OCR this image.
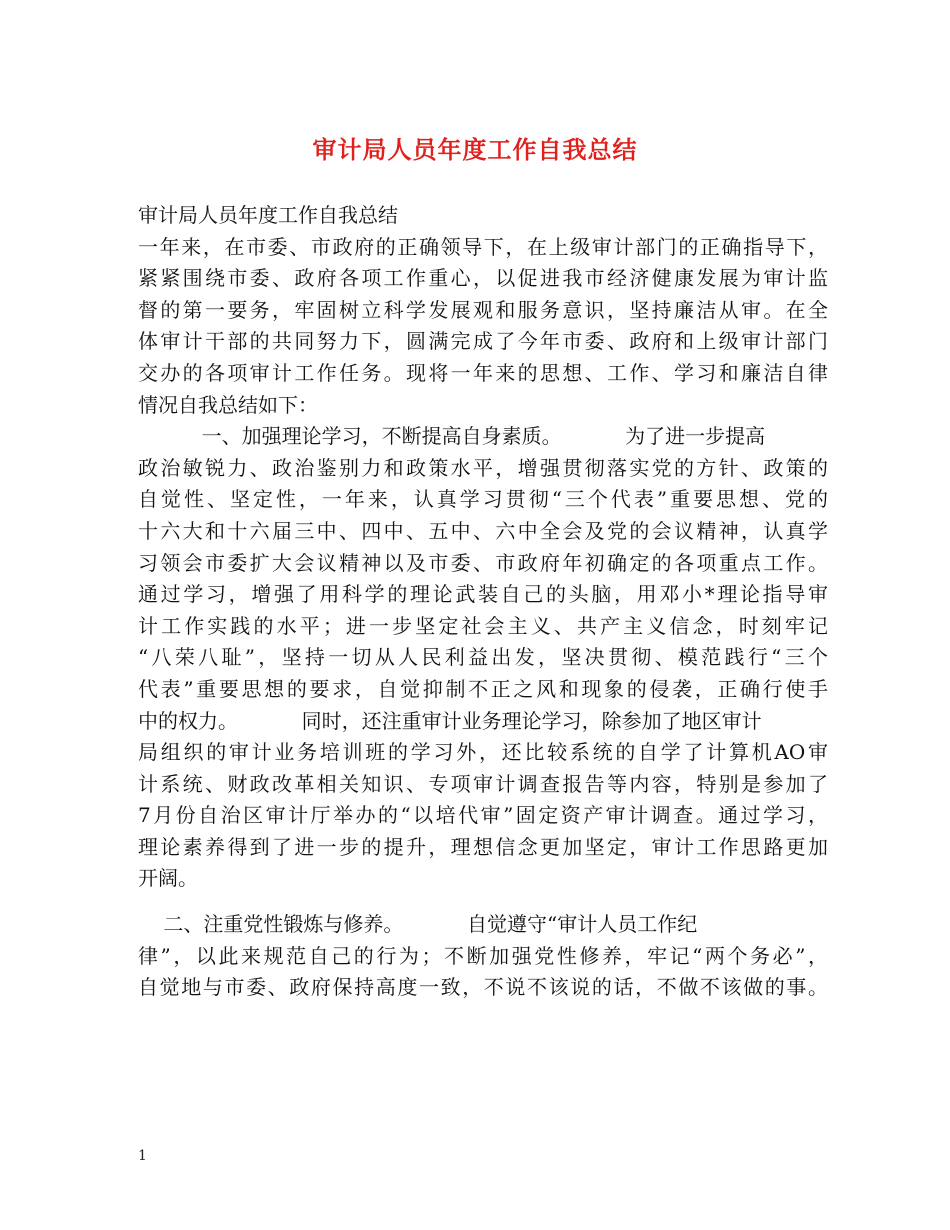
审计局人员年度工作自我总结
审计局人员年度工作自我总结
一年来，在市委、市政府的正确领导下，在上级审计部门的正确指导下，
紧紧围绕市委、政府各项工作重心，以促进我市经济健康发展为审计监
督的第一要务，牢固树立科学发展观和服务意识，坚持廉洁从审。在全
体审计干部的共同努力下，圆满完成了今年市委、政府和上级审计部门
交办的各项审计工作任务。现将一年来的思想、工作、学习和廉洁自律
情况自我总结如下：
一、加强理论学习，不断提高自身素质。          为了进一步提高
政治敏锐力、政治鉴别力和政策水平，增强贯彻落实党的方针、政策的
自觉性、坚定性，一年来，认真学习贯彻“三个代表”重要思想、党的
十六大和十六届三中、四中、五中、六中全会及党的会议精神，认真学
习领会市委扩大会议精神以及市委、市政府年初确定的各项重点工作。
通过学习，增强了用科学的理论武装自己的头脑，用邓小*理论指导审
计工作实践的水平；进一步坚定社会主义、共产主义信念，时刻牢记
“八荣八耻”，坚持一切从人民利益出发，坚决贯彻、模范践行“三个
代表”重要思想的要求，自觉抑制不正之风和现象的侵袭，正确行使手
中的权力。          同时，还注重审计业务理论学习，除参加了地区审计
局组织的审计业务培训班的学习外，还比较系统的自学了计算机AO审
计系统、财政改革相关知识、专项审计调查报告等内容，特别是参加了
7月份自治区审计厅举办的“以培代审”固定资产审计调查。通过学习，
理论素养得到了进一步的提升，理想信念更加坚定，审计工作思路更加
开阔。
二、注重党性锻炼与修养。          自觉遵守“审计人员工作纪
律”，以此来规范自己的行为；不断加强党性修养，牢记“两个务必”，
自觉地与市委、政府保持高度一致，不说不该说的话，不做不该做的事。
1
